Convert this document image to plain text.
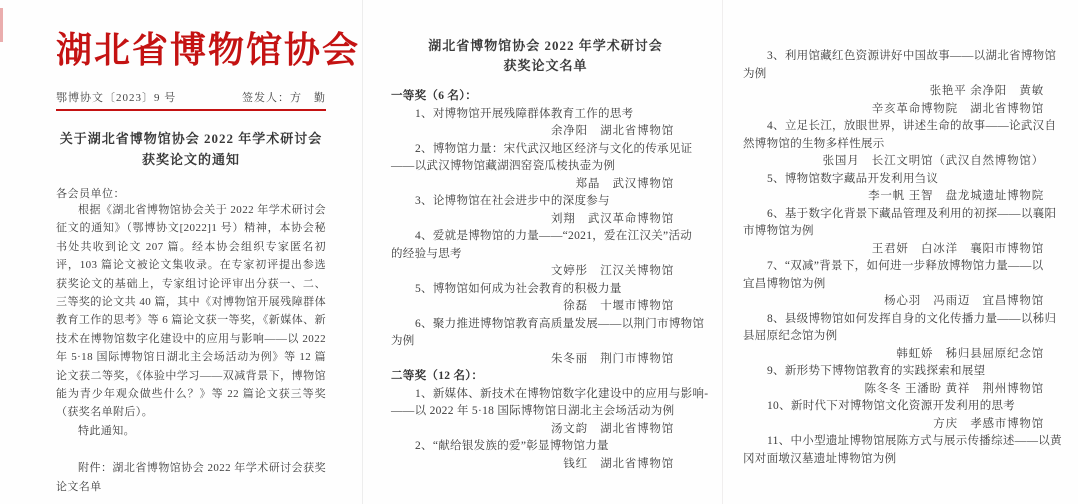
湖北省博物馆协会
鄂博协文〔2023〕9 号	签发人：方　勤
关于湖北省博物馆协会 2022 年学术研讨会
获奖论文的通知
各会员单位：

根据《湖北省博物馆协会关于 2022 年学术研讨会征文的通知》（鄂博协文[2022]1 号）精神，本协会秘书处共收到论文 207 篇。经本协会组织专家匿名初评，103 篇论文被论文集收录。在专家初评提出参选获奖论文的基础上，专家组讨论评审出分获一、二、三等奖的论文共 40 篇，其中《对博物馆开展残障群体教育工作的思考》等 6 篇论文获一等奖，《新媒体、新技术在博物馆数字化建设中的应用与影响——以 2022 年 5·18 国际博物馆日湖北主会场活动为例》等 12 篇论文获二等奖，《体验中学习——双减背景下，博物馆能为青少年观众做些什么？》等 22 篇论文获三等奖（获奖名单附后）。

特此通知。

附件：湖北省博物馆协会 2022 年学术研讨会获奖论文名单

湖北省博物馆协会 2022 年学术研讨会
获奖论文名单
一等奖（6 名）：
1、对博物馆开展残障群体教育工作的思考
余净阳　湖北省博物馆
2、博物馆力量：宋代武汉地区经济与文化的传承见证
——以武汉博物馆藏湖泗窑瓷瓜棱执壶为例
郑晶　武汉博物馆
3、论博物馆在社会进步中的深度参与
刘翔　武汉革命博物馆
4、爱就是博物馆的力量——“2021，爱在江汉关”活动
的经验与思考
文婷彤　江汉关博物馆
5、博物馆如何成为社会教育的积极力量
徐磊　十堰市博物馆
6、聚力推进博物馆教育高质量发展——以荆门市博物馆
为例
朱冬丽　荆门市博物馆
二等奖（12 名）：
1、新媒体、新技术在博物馆数字化建设中的应用与影响-
——以 2022 年 5·18 国际博物馆日湖北主会场活动为例
汤文韵　湖北省博物馆
2、“献给银发族的爱”彰显博物馆力量
钱红　湖北省博物馆
3、利用馆藏红色资源讲好中国故事——以湖北省博物馆
为例
张艳平 余净阳　黄敏
辛亥革命博物院　湖北省博物馆
4、立足长江，放眼世界，讲述生命的故事——论武汉自
然博物馆的生物多样性展示
张国月　长江文明馆（武汉自然博物馆）
5、博物馆数字藏品开发利用刍议
李一帆 王智　盘龙城遗址博物院
6、基于数字化背景下藏品管理及利用的初探——以襄阳
市博物馆为例
王君妍　白冰洋　襄阳市博物馆
7、“双减”背景下，如何进一步释放博物馆力量——以
宜昌博物馆为例
杨心羽　冯雨迈　宜昌博物馆
8、县级博物馆如何发挥自身的文化传播力量——以秭归
县屈原纪念馆为例
韩虹娇　秭归县屈原纪念馆
9、新形势下博物馆教育的实践探索和展望
陈冬冬 王潘盼 黄祥　荆州博物馆
10、新时代下对博物馆文化资源开发利用的思考
方庆　孝感市博物馆
11、中小型遗址博物馆展陈方式与展示传播综述——以黄
冈对面墩汉墓遗址博物馆为例
